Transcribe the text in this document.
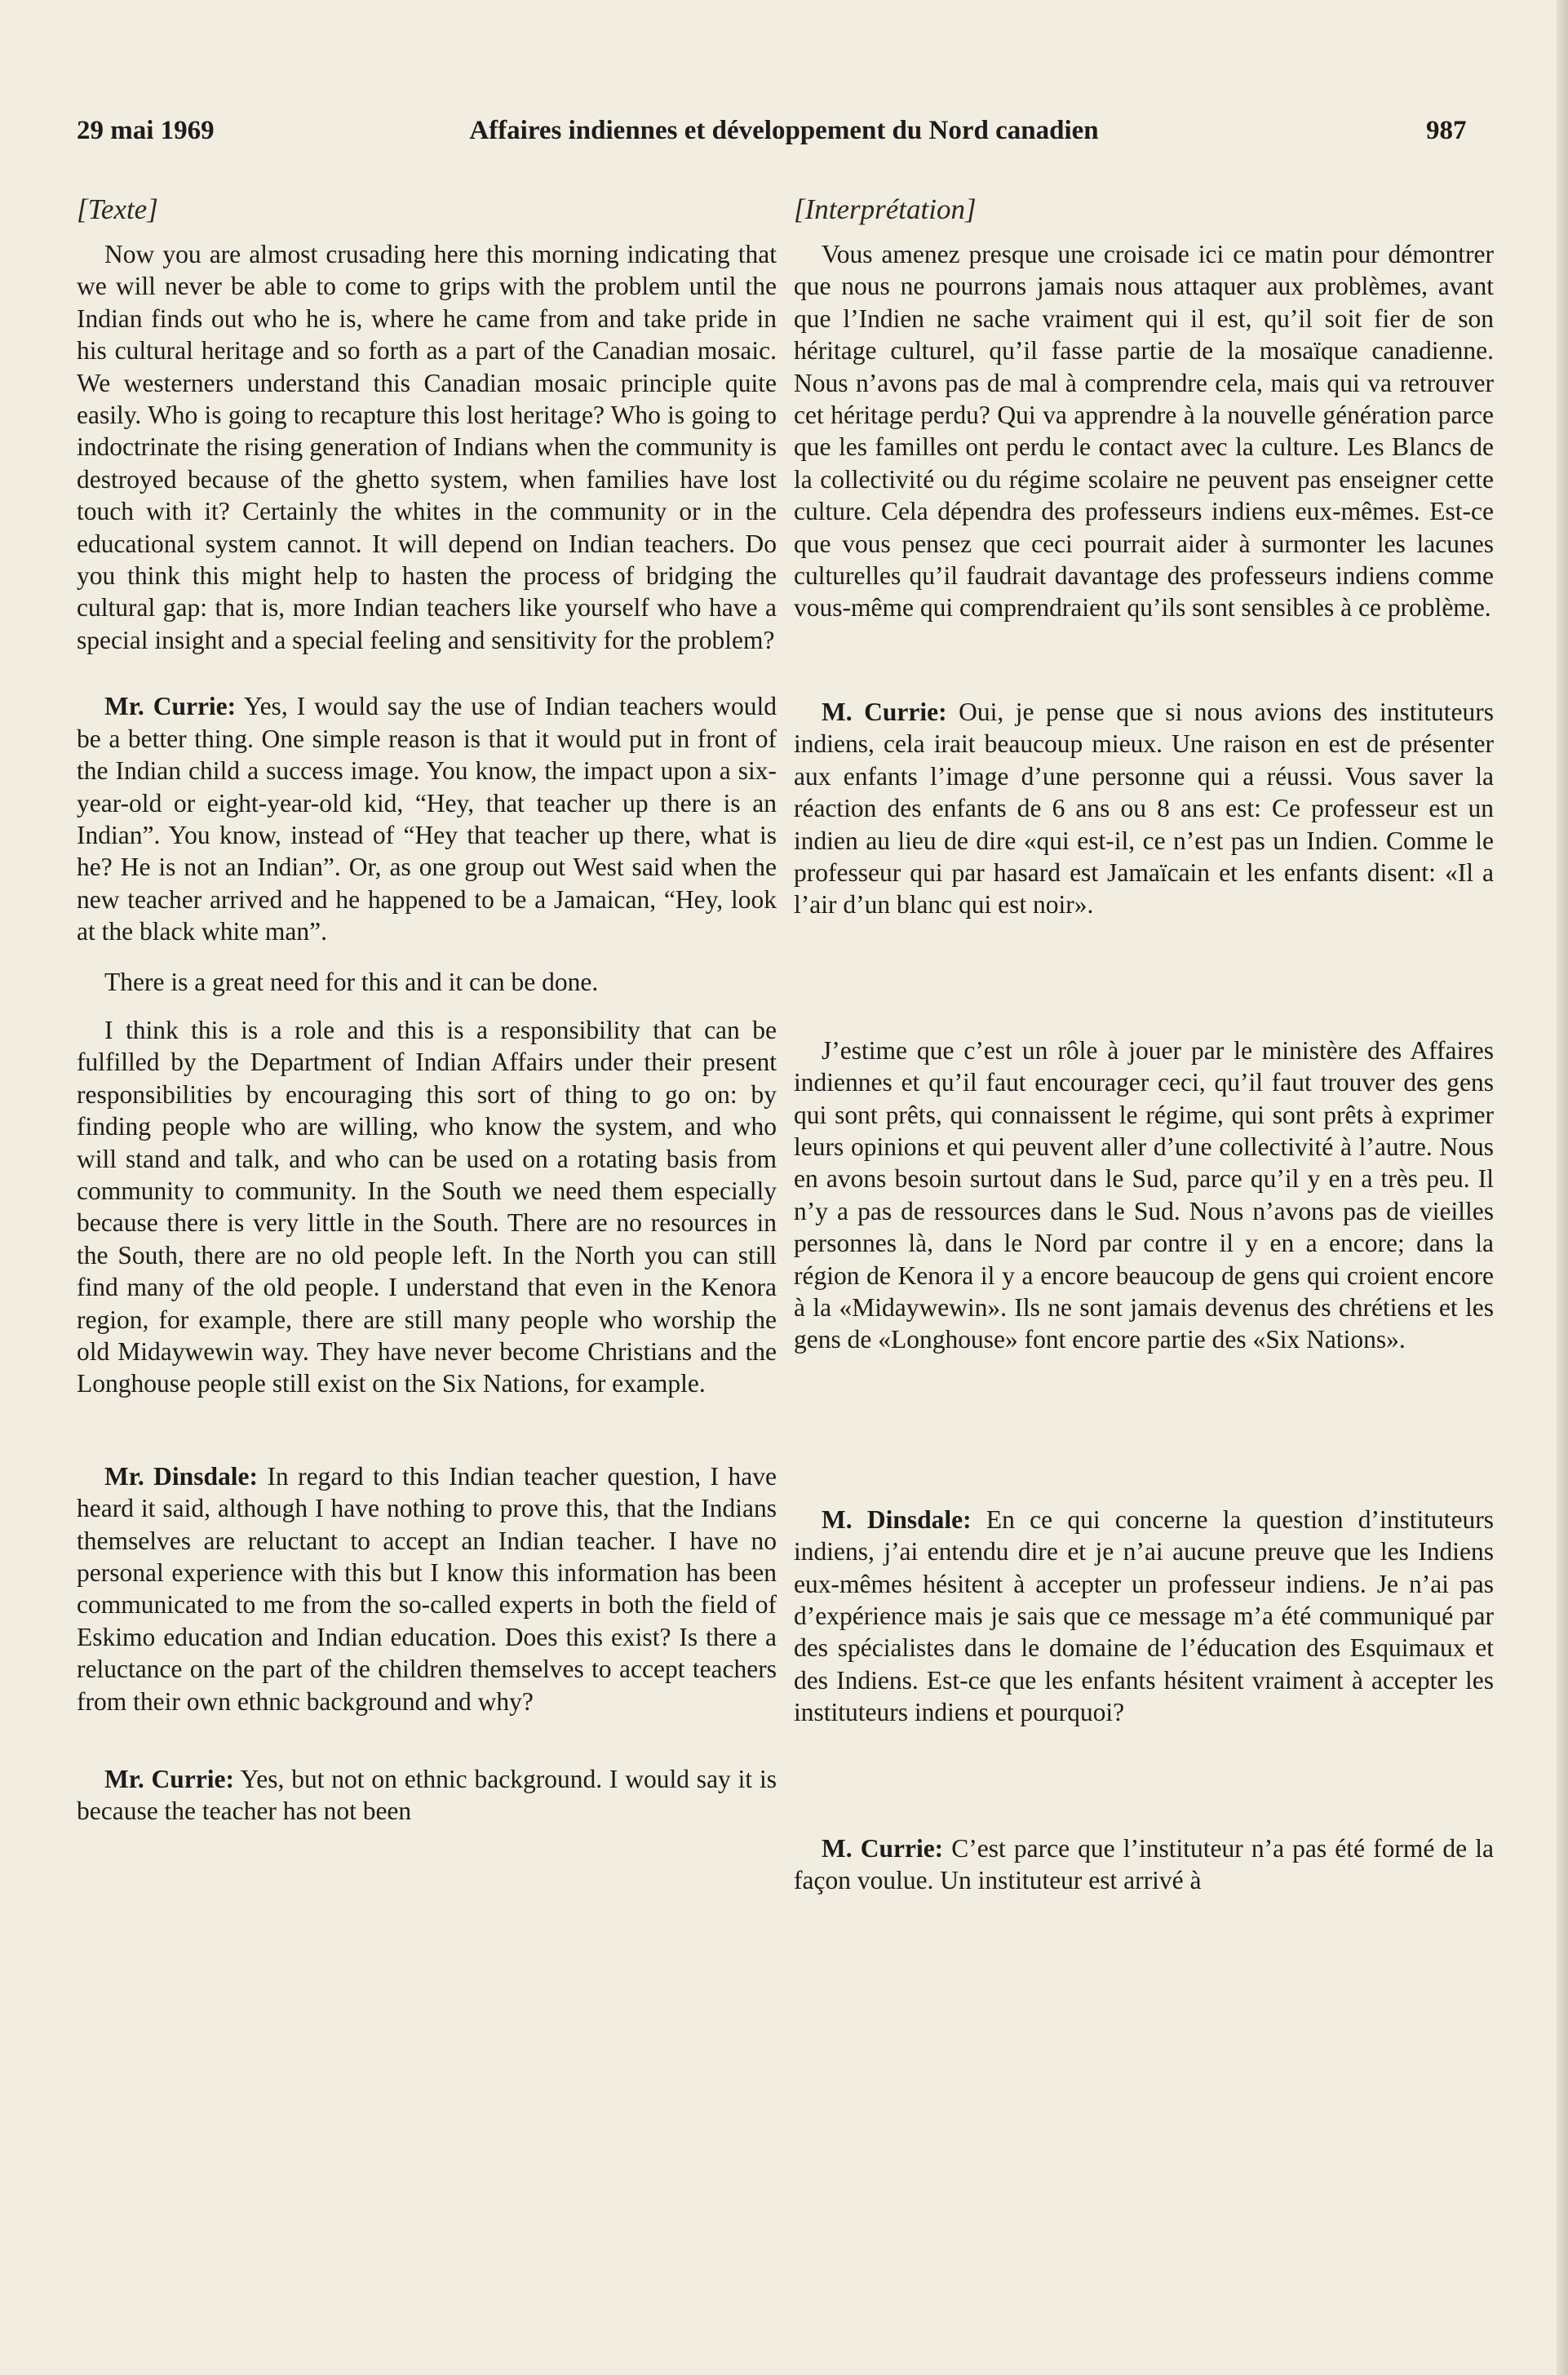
29 mai 1969	Affaires indiennes et développement du Nord canadien	987
[Texte]

Now you are almost crusading here this morning indicating that we will never be able to come to grips with the problem until the Indian finds out who he is, where he came from and take pride in his cultural heritage and so forth as a part of the Canadian mosaic. We westerners understand this Canadian mosaic principle quite easily. Who is going to recapture this lost heritage? Who is going to indoctrinate the rising generation of Indians when the community is destroyed because of the ghetto system, when families have lost touch with it? Certainly the whites in the community or in the educational system cannot. It will depend on Indian teachers. Do you think this might help to hasten the process of bridging the cultural gap: that is, more Indian teachers like yourself who have a special insight and a special feeling and sensitivity for the problem?

Mr. Currie: Yes, I would say the use of Indian teachers would be a better thing. One simple reason is that it would put in front of the Indian child a success image. You know, the impact upon a six-year-old or eight-year-old kid, “Hey, that teacher up there is an Indian”. You know, instead of “Hey that teacher up there, what is he? He is not an Indian”. Or, as one group out West said when the new teacher arrived and he happened to be a Jamaican, “Hey, look at the black white man”.

There is a great need for this and it can be done.

I think this is a role and this is a responsibility that can be fulfilled by the Department of Indian Affairs under their present responsibilities by encouraging this sort of thing to go on: by finding people who are willing, who know the system, and who will stand and talk, and who can be used on a rotating basis from community to community. In the South we need them especially because there is very little in the South. There are no resources in the South, there are no old people left. In the North you can still find many of the old people. I understand that even in the Kenora region, for example, there are still many people who worship the old Midaywewin way. They have never become Christians and the Longhouse people still exist on the Six Nations, for example.

Mr. Dinsdale: In regard to this Indian teacher question, I have heard it said, although I have nothing to prove this, that the Indians themselves are reluctant to accept an Indian teacher. I have no personal experience with this but I know this information has been communicated to me from the so-called experts in both the field of Eskimo education and Indian education. Does this exist? Is there a reluctance on the part of the children themselves to accept teachers from their own ethnic background and why?

Mr. Currie: Yes, but not on ethnic background. I would say it is because the teacher has not been

[Interprétation]

Vous amenez presque une croisade ici ce matin pour démontrer que nous ne pourrons jamais nous attaquer aux problèmes, avant que l’Indien ne sache vraiment qui il est, qu’il soit fier de son héritage culturel, qu’il fasse partie de la mosaïque canadienne. Nous n’avons pas de mal à comprendre cela, mais qui va retrouver cet héritage perdu? Qui va apprendre à la nouvelle génération parce que les familles ont perdu le contact avec la culture. Les Blancs de la collectivité ou du régime scolaire ne peuvent pas enseigner cette culture. Cela dépendra des professeurs indiens eux-mêmes. Est-ce que vous pensez que ceci pourrait aider à surmonter les lacunes culturelles qu’il faudrait davantage des professeurs indiens comme vous-même qui comprendraient qu’ils sont sensibles à ce problème.

M. Currie: Oui, je pense que si nous avions des instituteurs indiens, cela irait beaucoup mieux. Une raison en est de présenter aux enfants l’image d’une personne qui a réussi. Vous saver la réaction des enfants de 6 ans ou 8 ans est: Ce professeur est un indien au lieu de dire «qui est-il, ce n’est pas un Indien. Comme le professeur qui par hasard est Jamaïcain et les enfants disent: «Il a l’air d’un blanc qui est noir».

J’estime que c’est un rôle à jouer par le ministère des Affaires indiennes et qu’il faut encourager ceci, qu’il faut trouver des gens qui sont prêts, qui connaissent le régime, qui sont prêts à exprimer leurs opinions et qui peuvent aller d’une collectivité à l’autre. Nous en avons besoin surtout dans le Sud, parce qu’il y en a très peu. Il n’y a pas de ressources dans le Sud. Nous n’avons pas de vieilles personnes là, dans le Nord par contre il y en a encore; dans la région de Kenora il y a encore beaucoup de gens qui croient encore à la «Midaywewin». Ils ne sont jamais devenus des chrétiens et les gens de «Longhouse» font encore partie des «Six Nations».

M. Dinsdale: En ce qui concerne la question d’instituteurs indiens, j’ai entendu dire et je n’ai aucune preuve que les Indiens eux-mêmes hésitent à accepter un professeur indiens. Je n’ai pas d’expérience mais je sais que ce message m’a été communiqué par des spécialistes dans le domaine de l’éducation des Esquimaux et des Indiens. Est-ce que les enfants hésitent vraiment à accepter les instituteurs indiens et pourquoi?

M. Currie: C’est parce que l’instituteur n’a pas été formé de la façon voulue. Un instituteur est arrivé à
